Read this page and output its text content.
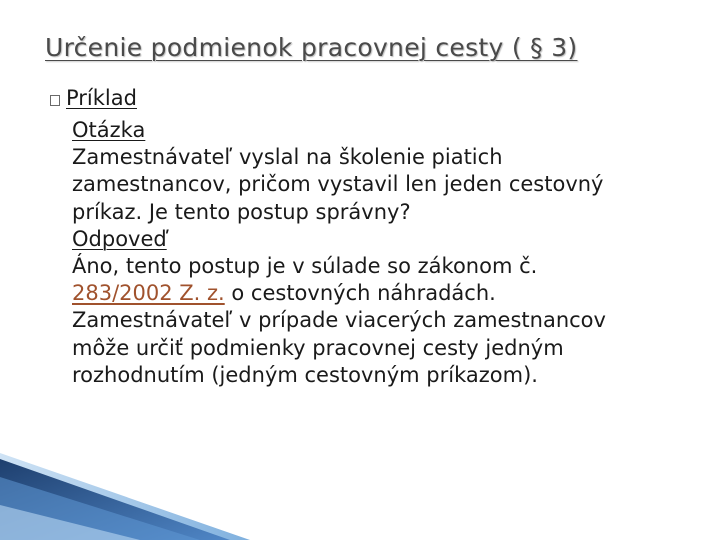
Určenie podmienok pracovnej cesty ( § 3)
Príklad
Otázka
Zamestnávateľ vyslal na školenie piatich
zamestnancov, pričom vystavil len jeden cestovný
príkaz. Je tento postup správny?
Odpoveď
Áno, tento postup je v súlade so zákonom č.
283/2002 Z. z. o cestovných náhradách.
Zamestnávateľ v prípade viacerých zamestnancov
môže určiť podmienky pracovnej cesty jedným
rozhodnutím (jedným cestovným príkazom).
